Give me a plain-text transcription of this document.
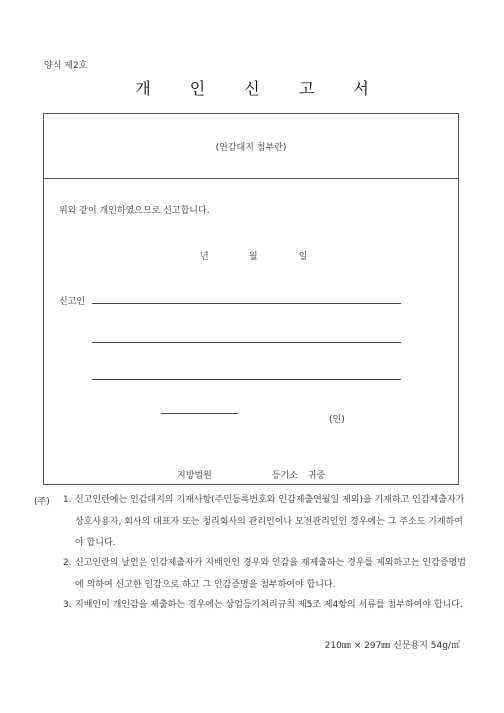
양식 제2호
개 인 신 고 서
(인감대지 첨부란)
위와 같이 개인하였으므로 신고합니다.
년	월	일
신고인
(인)
지방법원	등기소 귀중
(주) 1. 신고인란에는 인감대지의 기재사항(주민등록번호와 인감제출연월일 제외)을 기재하고 인감제출자가 상호사용자, 회사의 대표자 또는 청리회사의 관리인이나 모전관리인인 경우에는 그 주소도 기재하여야 합니다.
2. 신고인란의 날인은 인감제출자가 지배인인 경우와 인감을 재제출하는 경우를 제외하고는 인감증명법에 의하여 신고한 인감으로 하고 그 인감증명을 첨부하여야 합니다.
3. 지배인이 개인감을 제출하는 경우에는 상업등기처리규칙 제5조 제4항의 서류를 첨부하여야 합니다.
210㎜ × 297㎜ 신문용지 54g/㎡
